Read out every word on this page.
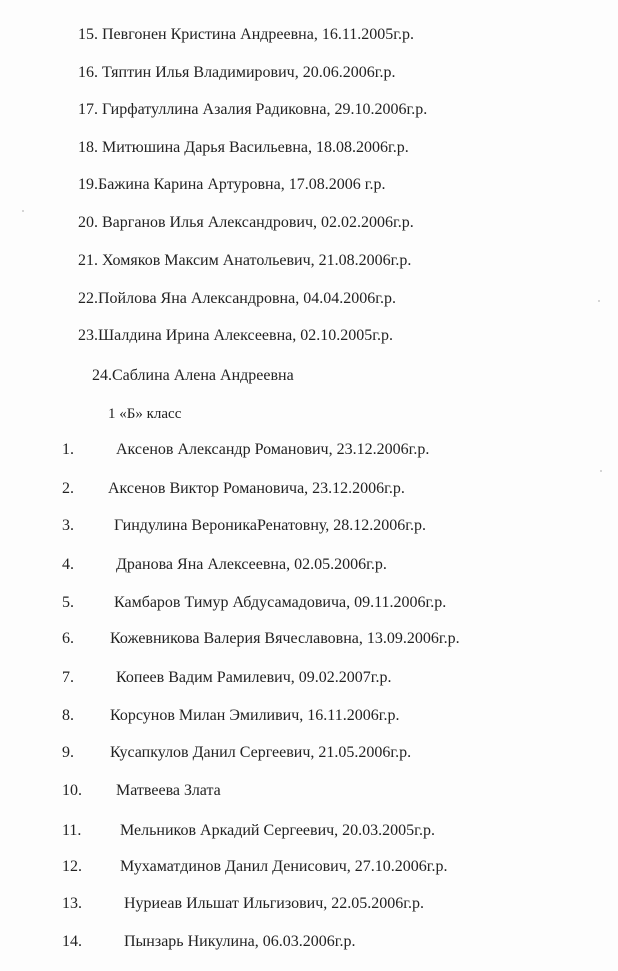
15. Певгонен Кристина Андреевна, 16.11.2005г.р.
16. Тяптин Илья Владимирович, 20.06.2006г.р.
17. Гирфатуллина Азалия Радиковна, 29.10.2006г.р.
18. Митюшина Дарья Васильевна, 18.08.2006г.р.
19.Бажина Карина Артуровна, 17.08.2006 г.р.
20. Варганов Илья Александрович, 02.02.2006г.р.
21. Хомяков Максим Анатольевич, 21.08.2006г.р.
22.Пойлова Яна Александровна, 04.04.2006г.р.
23.Шалдина Ирина Алексеевна, 02.10.2005г.р.
24.Саблина Алена Андреевна
1 «Б» класс
1.	Аксенов Александр Романович, 23.12.2006г.р.
2. Аксенов Виктор Романовича, 23.12.2006г.р.
3.	Гиндулина ВероникаРенатовну, 28.12.2006г.р.
4.	Дранова Яна Алексеевна, 02.05.2006г.р.
5.	Камбаров Тимур Абдусамадовича, 09.11.2006г.р.
6. Кожевникова Валерия Вячеславовна, 13.09.2006г.р.
7.	Копеев Вадим Рамилевич, 09.02.2007г.р.
8. Корсунов Милан Эмиливич, 16.11.2006г.р.
9. Кусапкулов Данил Сергеевич, 21.05.2006г.р.
10. Матвеева Злата
11. Мельников Аркадий Сергеевич, 20.03.2005г.р.
12. Мухаматдинов Данил Денисович, 27.10.2006г.р.
13.	Нуриеав Ильшат Ильгизович, 22.05.2006г.р.
14.	Пынзарь Никулина, 06.03.2006г.р.
